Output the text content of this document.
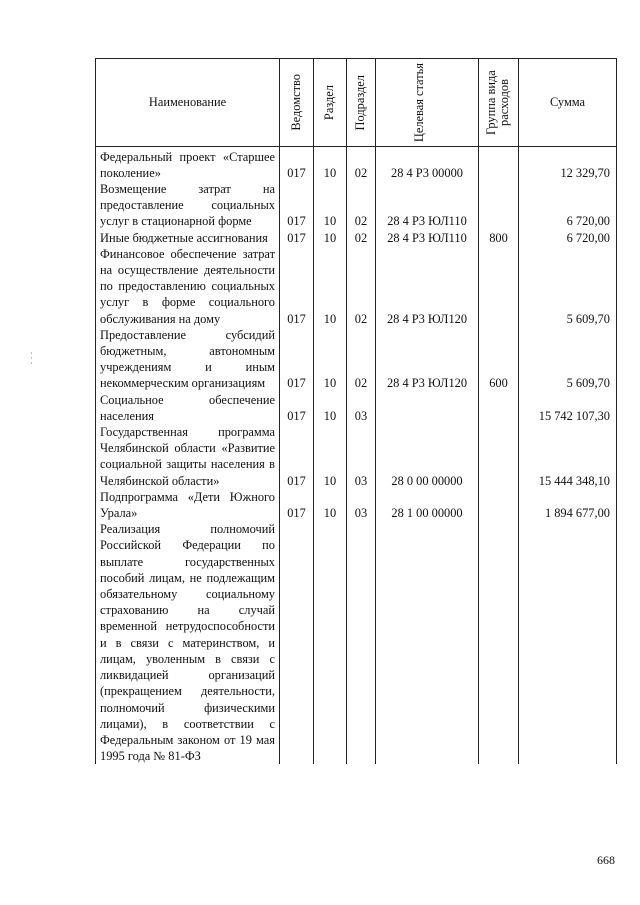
Наименование	Ведомство	Раздел	Подраздел	Целевая статья	Группа вида расходов	Сумма
Федеральный проект «Старшее поколение»	017	10	02	28 4 Р3 00000		12 329,70
Возмещение затрат на предоставление социальных услуг в стационарной форме	017	10	02	28 4 Р3 ЮЛ110		6 720,00
Иные бюджетные ассигнования	017	10	02	28 4 Р3 ЮЛ110	800	6 720,00
Финансовое обеспечение затрат на осуществление деятельности по предоставлению социальных услуг в форме социального обслуживания на дому	017	10	02	28 4 Р3 ЮЛ120		5 609,70
Предоставление субсидий бюджетным, автономным учреждениям и иным некоммерческим организациям	017	10	02	28 4 Р3 ЮЛ120	600	5 609,70
Социальное обеспечение населения	017	10	03			15 742 107,30
Государственная программа Челябинской области «Развитие социальной защиты населения в Челябинской области»	017	10	03	28 0 00 00000		15 444 348,10
Подпрограмма «Дети Южного Урала»	017	10	03	28 1 00 00000		1 894 677,00
Реализация полномочий Российской Федерации по выплате государственных пособий лицам, не подлежащим обязательному социальному страхованию на случай временной нетрудоспособности и в связи с материнством, и лицам, уволенным в связи с ликвидацией организаций (прекращением деятельности, полномочий физическими лицами), в соответствии с Федеральным законом от 19 мая 1995 года № 81-ФЗ						
668
